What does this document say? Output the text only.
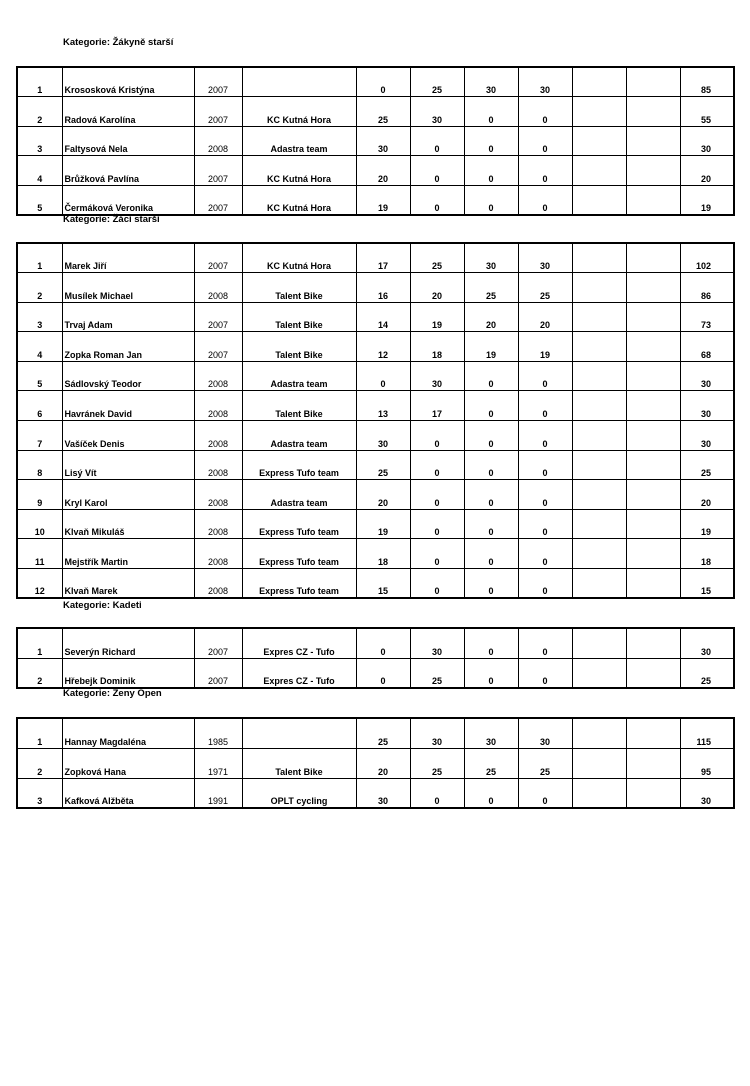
Kategorie: Žákyně starší
1	Krososková Kristýna	2007		0	25	30	30			85
2	Radová Karolína	2007	KC Kutná Hora	25	30	0	0			55
3	Faltysová Nela	2008	Adastra team	30	0	0	0			30
4	Brůžková Pavlína	2007	KC Kutná Hora	20	0	0	0			20
5	Čermáková Veronika	2007	KC Kutná Hora	19	0	0	0			19
Kategorie: Žáci starší
1	Marek Jiří	2007	KC Kutná Hora	17	25	30	30			102
2	Musílek Michael	2008	Talent Bike	16	20	25	25			86
3	Trvaj Adam	2007	Talent Bike	14	19	20	20			73
4	Zopka Roman Jan	2007	Talent Bike	12	18	19	19			68
5	Sádlovský Teodor	2008	Adastra team	0	30	0	0			30
6	Havránek David	2008	Talent Bike	13	17	0	0			30
7	Vašíček Denis	2008	Adastra team	30	0	0	0			30
8	Lisý Vít	2008	Express Tufo team	25	0	0	0			25
9	Kryl Karol	2008	Adastra team	20	0	0	0			20
10	Klvaň Mikuláš	2008	Express Tufo team	19	0	0	0			19
11	Mejstřík Martin	2008	Express Tufo team	18	0	0	0			18
12	Klvaň Marek	2008	Express Tufo team	15	0	0	0			15
Kategorie: Kadeti
1	Severýn Richard	2007	Expres CZ - Tufo	0	30	0	0			30
2	Hřebejk Dominik	2007	Expres CZ - Tufo	0	25	0	0			25
Kategorie: Ženy Open
1	Hannay Magdaléna	1985		25	30	30	30			115
2	Zopková Hana	1971	Talent Bike	20	25	25	25			95
3	Kafková Alžběta	1991	OPLT cycling	30	0	0	0			30
